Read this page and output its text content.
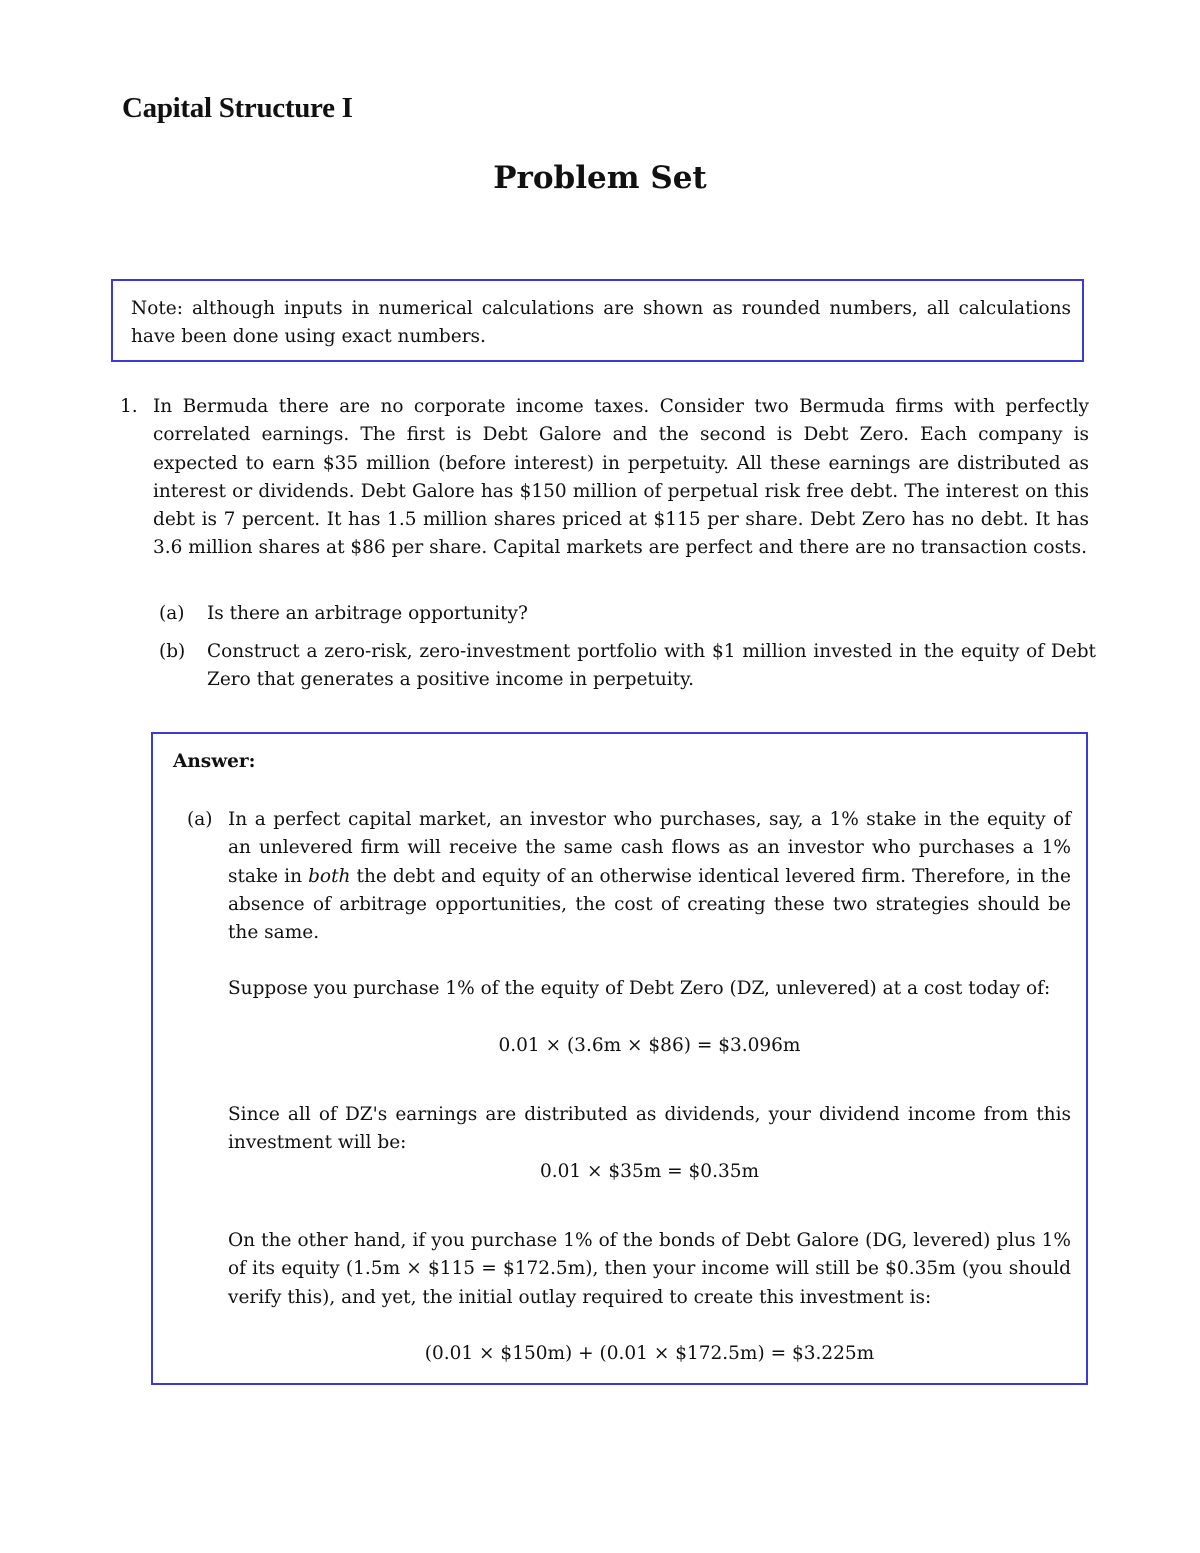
Capital Structure I
Problem Set
Note: although inputs in numerical calculations are shown as rounded numbers, all calculations have been done using exact numbers.
1. In Bermuda there are no corporate income taxes. Consider two Bermuda firms with perfectly correlated earnings. The first is Debt Galore and the second is Debt Zero. Each company is expected to earn $35 million (before interest) in perpetuity. All these earnings are distributed as interest or dividends. Debt Galore has $150 million of perpetual risk free debt. The interest on this debt is 7 percent. It has 1.5 million shares priced at $115 per share. Debt Zero has no debt. It has 3.6 million shares at $86 per share. Capital markets are perfect and there are no transaction costs.
(a) Is there an arbitrage opportunity?
(b) Construct a zero-risk, zero-investment portfolio with $1 million invested in the equity of Debt Zero that generates a positive income in perpetuity.
Answer:
(a) In a perfect capital market, an investor who purchases, say, a 1% stake in the equity of an unlevered firm will receive the same cash flows as an investor who purchases a 1% stake in both the debt and equity of an otherwise identical levered firm. Therefore, in the absence of arbitrage opportunities, the cost of creating these two strategies should be the same.
Suppose you purchase 1% of the equity of Debt Zero (DZ, unlevered) at a cost today of:
0.01 × (3.6m × $86) = $3.096m
Since all of DZ's earnings are distributed as dividends, your dividend income from this investment will be:
0.01 × $35m = $0.35m
On the other hand, if you purchase 1% of the bonds of Debt Galore (DG, levered) plus 1% of its equity (1.5m × $115 = $172.5m), then your income will still be $0.35m (you should verify this), and yet, the initial outlay required to create this investment is:
(0.01 × $150m) + (0.01 × $172.5m) = $3.225m
